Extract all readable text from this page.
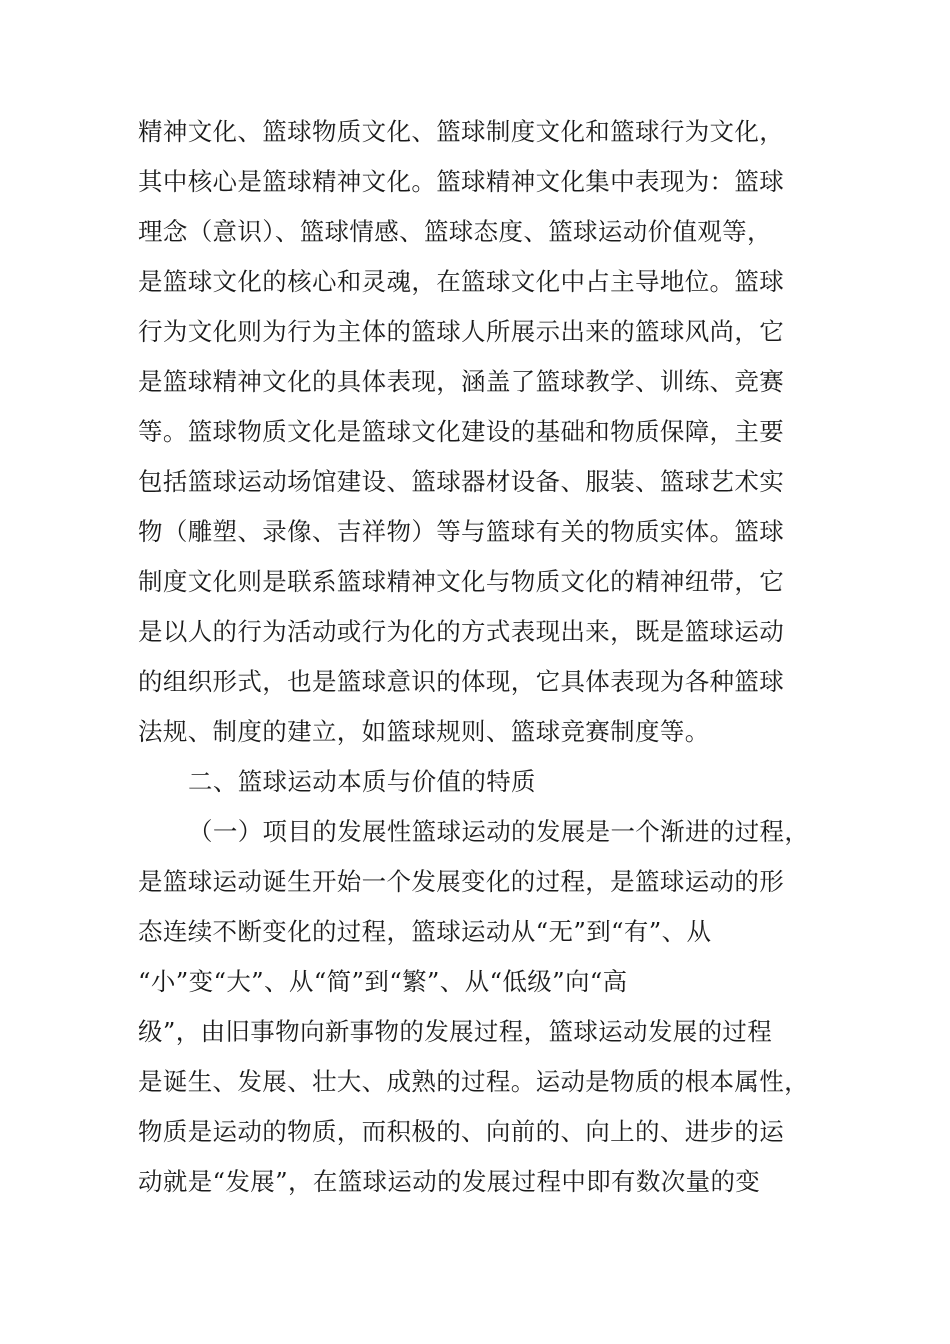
精神文化、篮球物质文化、篮球制度文化和篮球行为文化，
其中核心是篮球精神文化。篮球精神文化集中表现为：篮球
理念（意识）、篮球情感、篮球态度、篮球运动价值观等，
是篮球文化的核心和灵魂，在篮球文化中占主导地位。篮球
行为文化则为行为主体的篮球人所展示出来的篮球风尚，它
是篮球精神文化的具体表现，涵盖了篮球教学、训练、竞赛
等。篮球物质文化是篮球文化建设的基础和物质保障，主要
包括篮球运动场馆建设、篮球器材设备、服装、篮球艺术实
物（雕塑、录像、吉祥物）等与篮球有关的物质实体。篮球
制度文化则是联系篮球精神文化与物质文化的精神纽带，它
是以人的行为活动或行为化的方式表现出来，既是篮球运动
的组织形式，也是篮球意识的体现，它具体表现为各种篮球
法规、制度的建立，如篮球规则、篮球竞赛制度等。
二、篮球运动本质与价值的特质
（一）项目的发展性篮球运动的发展是一个渐进的过程，
是篮球运动诞生开始一个发展变化的过程，是篮球运动的形
态连续不断变化的过程，篮球运动从“无”到“有”、从
“小”变“大”、从“简”到“繁”、从“低级”向“高
级”，由旧事物向新事物的发展过程，篮球运动发展的过程
是诞生、发展、壮大、成熟的过程。运动是物质的根本属性，
物质是运动的物质，而积极的、向前的、向上的、进步的运
动就是“发展”，在篮球运动的发展过程中即有数次量的变
